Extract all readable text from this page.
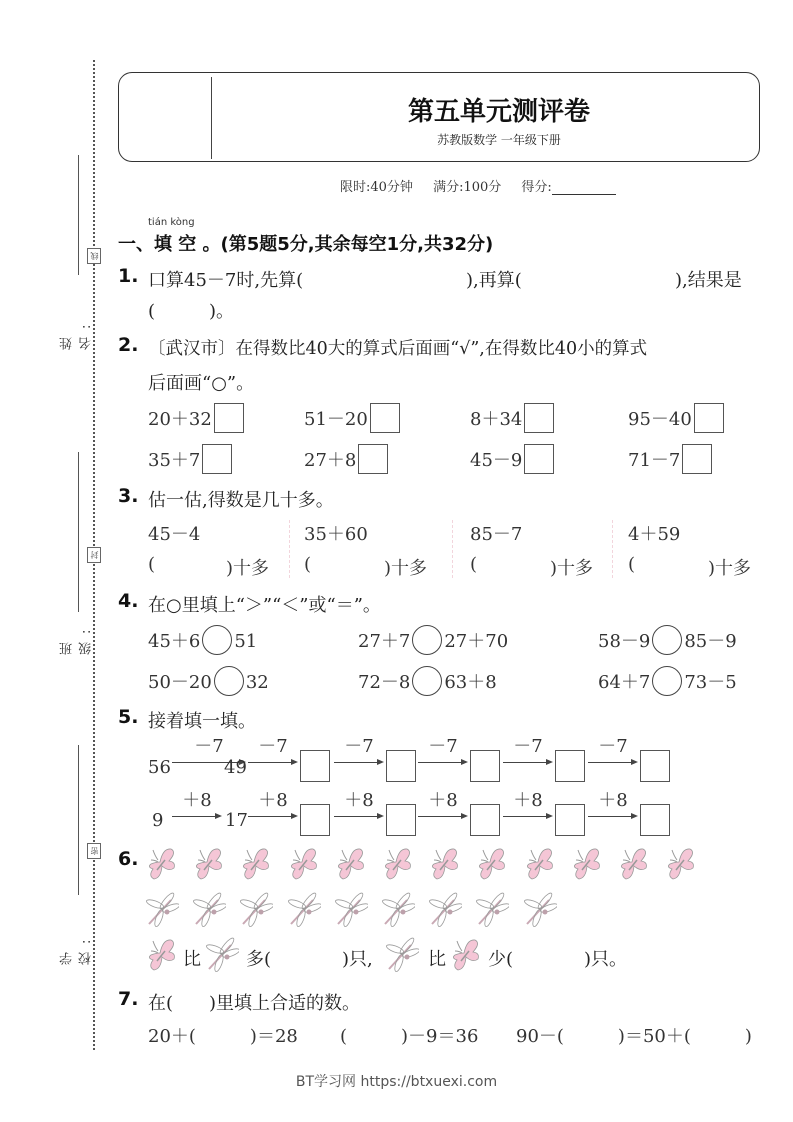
姓 名:
班 级:
学 校:
线
封
密
第五单元测评卷
苏教版数学 一年级下册
限时:40分钟 满分:100分 得分:
tián kòng
一、填 空 。(第5题5分,其余每空1分,共32分)
1. 口算45－7时,先算(	),再算(	),结果是
(　　　)。
2. 〔武汉市〕在得数比40大的算式后面画“√”,在得数比40小的算式
后面画“○”。
20＋32	51－20	8＋34	95－40
35＋7	27＋8	45－9	71－7
3. 估一估,得数是几十多。
45－4	35＋60	85－7	4＋59
(	)十多 (	)十多 (	)十多 (	)十多
4. 在○里填上“＞”“＜”或“＝”。
45＋6 51	27＋7 27＋70	58－9 85－9
50－20 32	72－8 63＋8	64＋7 73－5
5. 接着填一填。
56
－7
49
－7	－7	－7	－7	－7
9
＋8
17
＋8	＋8	＋8	＋8	＋8
6.
比	多(	)只,	比 少(	)只。
7. 在(　　)里填上合适的数。
20＋(　　　)＝28 (　　　)－9＝36 90－(　　　)＝50＋(　　　)
BT学习网 https://btxuexi.com
